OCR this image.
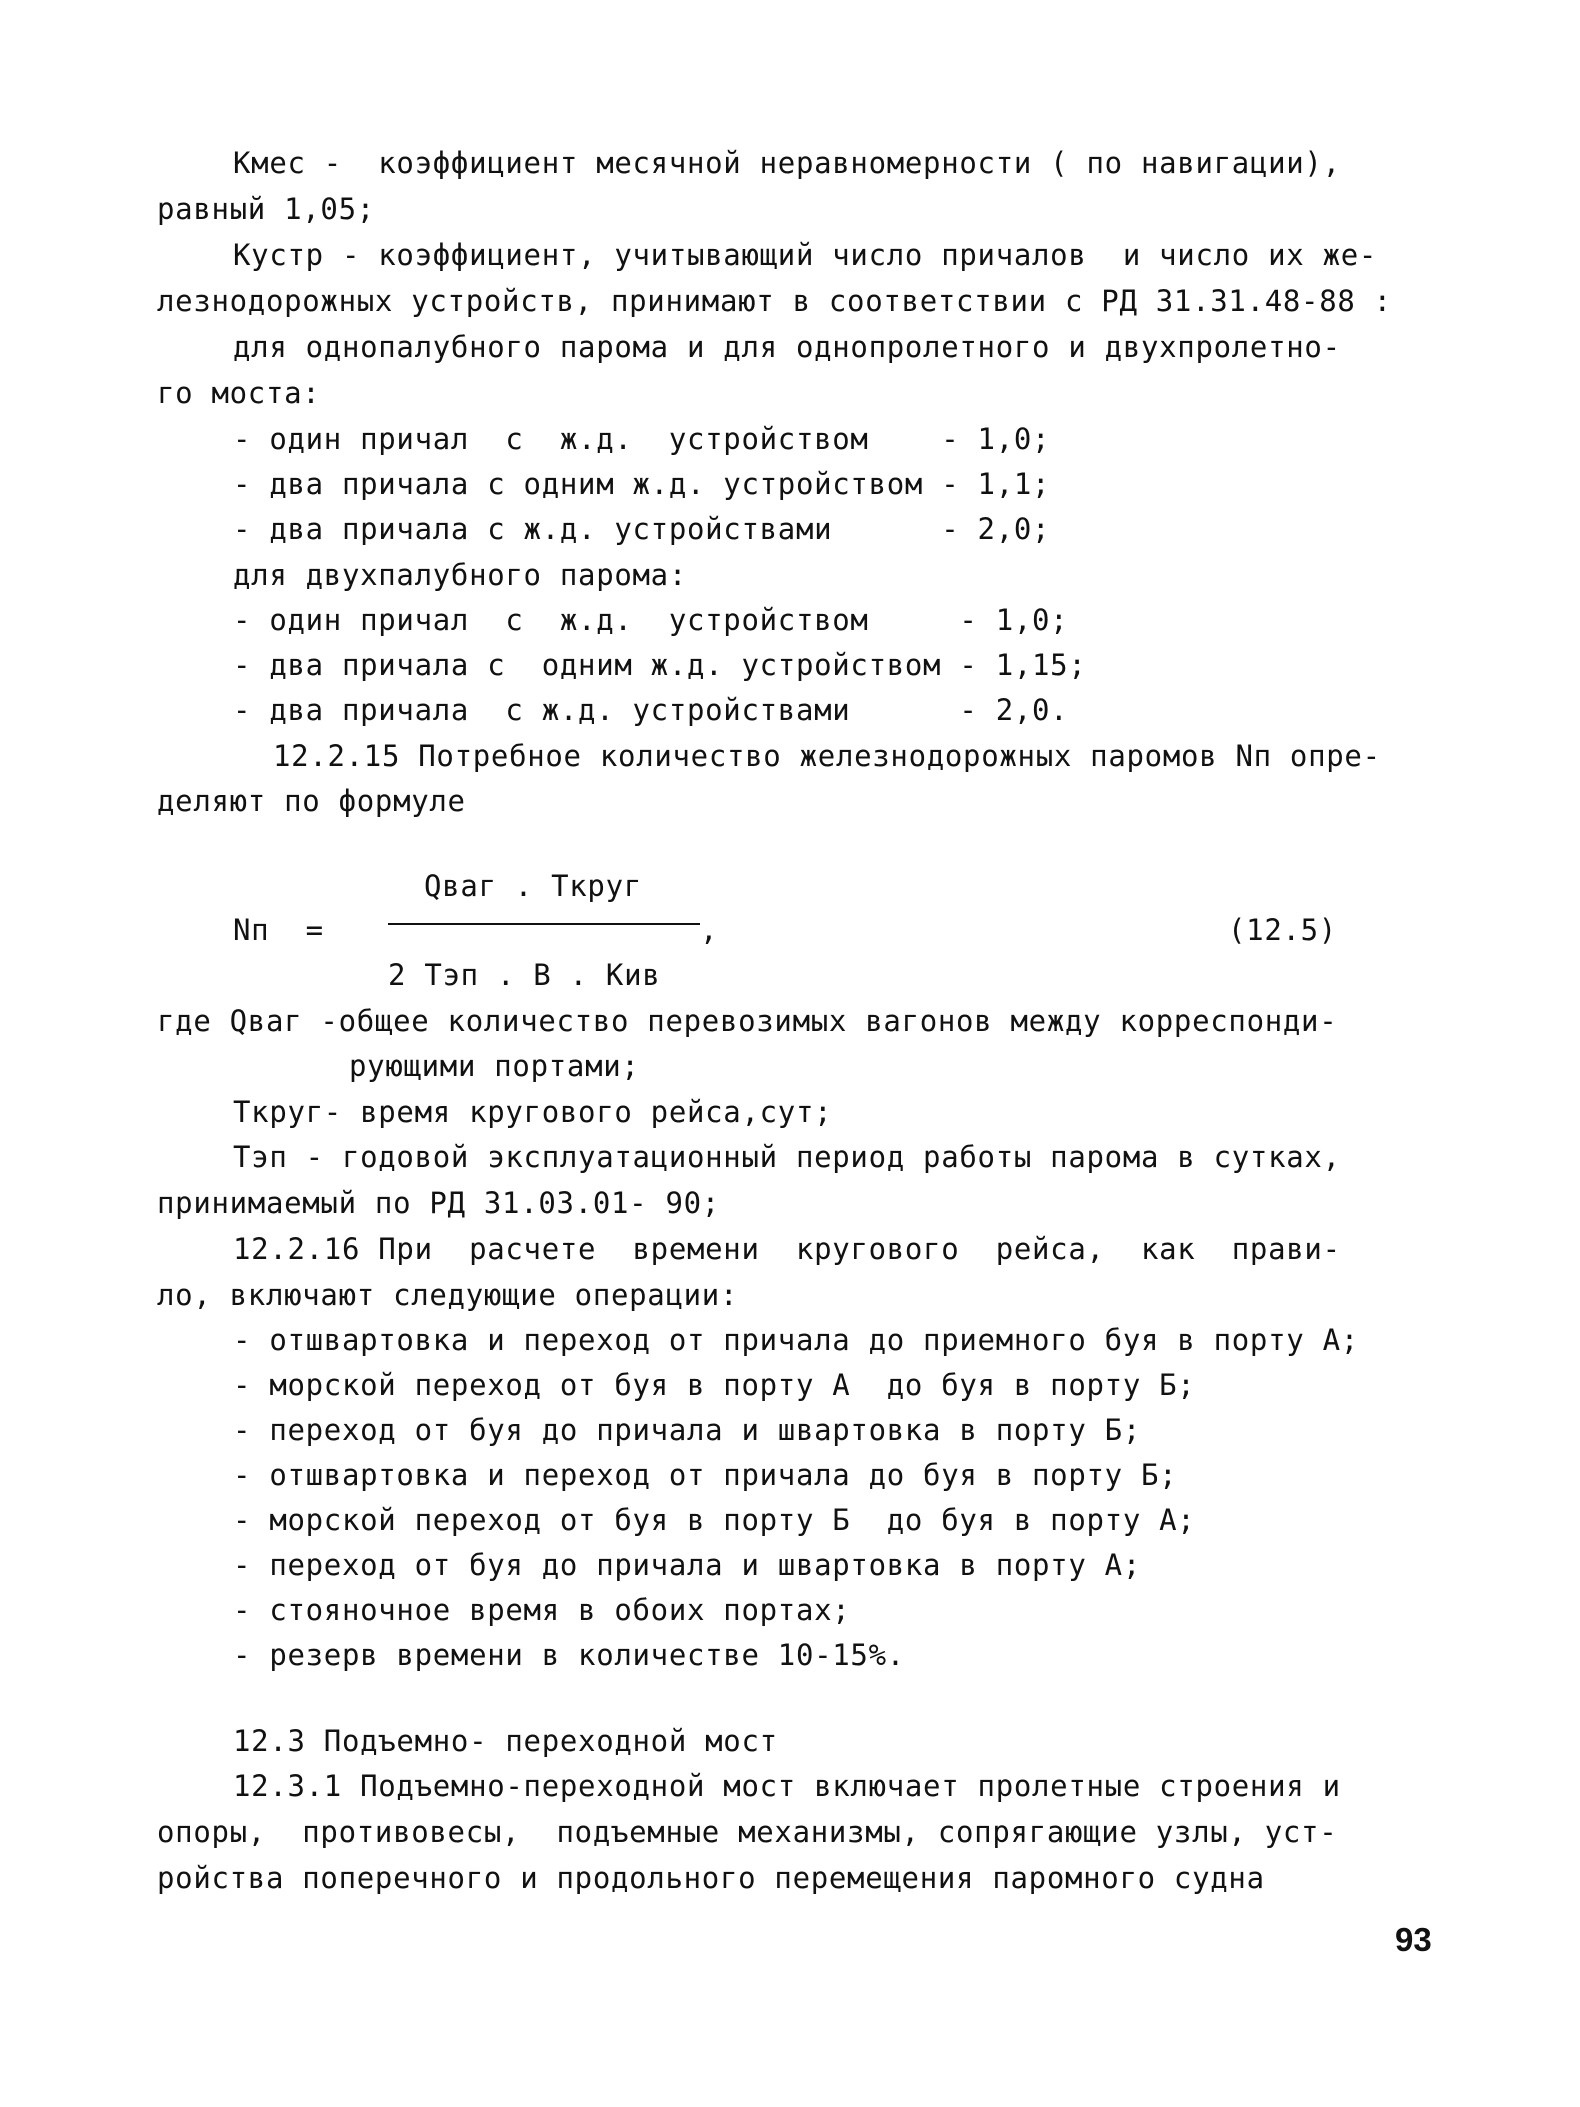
Кмес -  коэффициент месячной неравномерности ( по навигации),
равный 1,05;
Кустр - коэффициент, учитывающий число причалов  и число их же-
лезнодорожных устройств, принимают в соответствии с РД 31.31.48-88 :
для однопалубного парома и для однопролетного и двухпролетно-
го моста:
- один причал  с  ж.д.  устройством    - 1,0;
- два причала с одним ж.д. устройством - 1,1;
- два причала с ж.д. устройствами      - 2,0;
для двухпалубного парома:
- один причал  с  ж.д.  устройством     - 1,0;
- два причала с  одним ж.д. устройством - 1,15;
- два причала  с ж.д. устройствами      - 2,0.
12.2.15 Потребное количество железнодорожных паромов Nп опре-
деляют по формуле
Qваг . Ткруг
Nп  =	,	(12.5)
2 Тэп . В . Кив
где Qваг -общее количество перевозимых вагонов между корреспонди-
рующими портами;
Ткруг- время кругового рейса,сут;
Тэп - годовой эксплуатационный период работы парома в сутках,
принимаемый по РД 31.03.01- 90;
12.2.16 При  расчете  времени  кругового  рейса,  как  прави-
ло, включают следующие операции:
- отшвартовка и переход от причала до приемного буя в порту А;
- морской переход от буя в порту А  до буя в порту Б;
- переход от буя до причала и швартовка в порту Б;
- отшвартовка и переход от причала до буя в порту Б;
- морской переход от буя в порту Б  до буя в порту А;
- переход от буя до причала и швартовка в порту А;
- стояночное время в обоих портах;
- резерв времени в количестве 10-15%.
12.3 Подъемно- переходной мост
12.3.1 Подъемно-переходной мост включает пролетные строения и
опоры,  противовесы,  подъемные механизмы, сопрягающие узлы, уст-
ройства поперечного и продольного перемещения паромного судна
93
